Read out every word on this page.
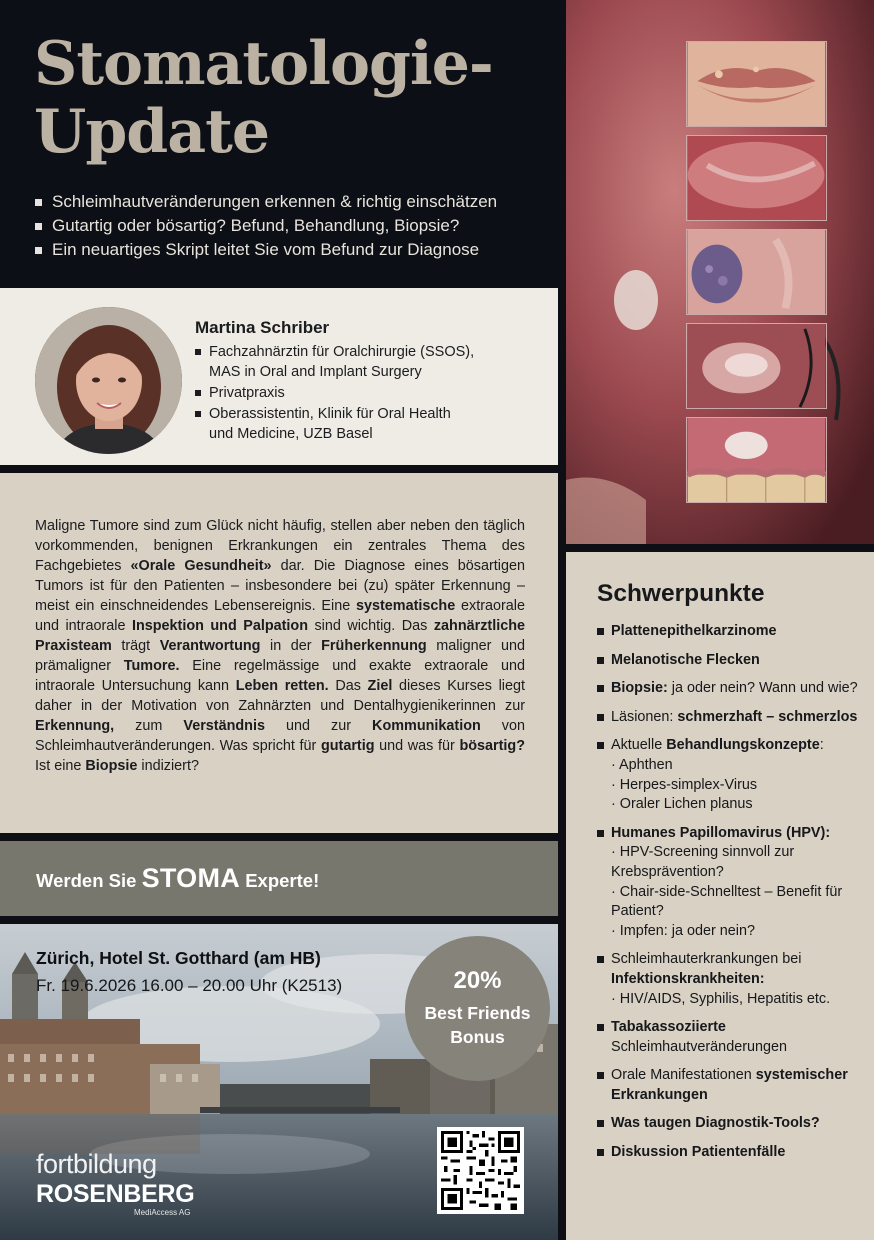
Stomatologie-
Update
Schleimhautveränderungen erkennen & richtig einschätzen
Gutartig oder bösartig? Befund, Behandlung, Biopsie?
Ein neuartiges Skript leitet Sie vom Befund zur Diagnose
Martina Schriber
Fachzahnärztin für Oralchirurgie (SSOS),
MAS in Oral and Implant Surgery
Privatpraxis
Oberassistentin, Klinik für Oral Health
und Medicine, UZB Basel

Maligne Tumore sind zum Glück nicht häufig, stellen aber neben den täglich vorkommenden, benignen Erkrankungen ein zentrales Thema des Fachgebietes «Orale Gesundheit» dar. Die Diagnose eines bösartigen Tumors ist für den Patienten – insbesondere bei (zu) später Erkennung – meist ein einschneidendes Lebensereignis. Eine systematische extraorale und intraorale Inspektion und Palpation sind wichtig. Das zahnärztliche Praxisteam trägt Verantwortung in der Früherkennung maligner und prämaligner Tumore. Eine regelmässige und exakte extraorale und intraorale Untersuchung kann Leben retten. Das Ziel dieses Kurses liegt daher in der Motivation von Zahnärzten und Dentalhygienikerinnen zur Erkennung, zum Verständnis und zur Kommunikation von Schleimhautveränderungen. Was spricht für gutartig und was für bösartig? Ist eine Biopsie indiziert?

Werden Sie STOMA Experte!
Zürich, Hotel St. Gotthard (am HB)
Fr. 19.6.2026 16.00 – 20.00 Uhr (K2513)	20%
Best Friends
Bonus
fortbildung
ROSENBERG
MediAccess AG
Schwerpunkte
Plattenepithelkarzinome
Melanotische Flecken
Biopsie: ja oder nein? Wann und wie?
Läsionen: schmerzhaft – schmerzlos
Aktuelle Behandlungskonzepte:
· Aphthen
· Herpes-simplex-Virus
· Oraler Lichen planus
Humanes Papillomavirus (HPV):
· HPV-Screening sinnvoll zur Krebsprävention?
· Chair-side-Schnelltest – Benefit für Patient?
· Impfen: ja oder nein?
Schleimhauterkrankungen bei Infektionskrankheiten:
· HIV/AIDS, Syphilis, Hepatitis etc.
Tabakassoziierte Schleimhautveränderungen
Orale Manifestationen systemischer Erkrankungen
Was taugen Diagnostik-Tools?
Diskussion Patientenfälle
